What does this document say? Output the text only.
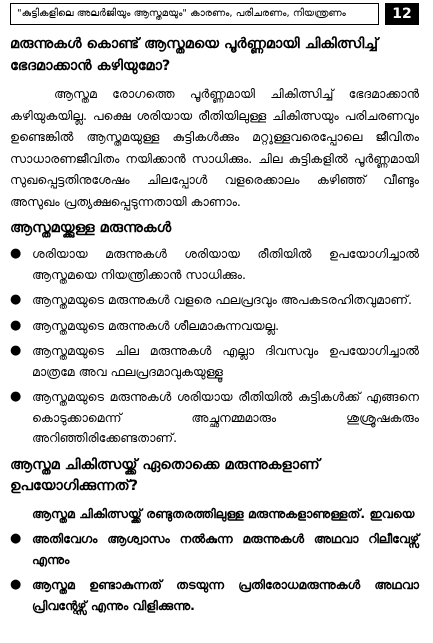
"കുട്ടികളിലെ അലർജിയും ആസ്തമയും" കാരണം, പരിചരണം, നിയന്ത്രണം	12
മരുന്നുകൾ കൊണ്ട് ആസ്തമയെ പൂർണ്ണമായി ചികിത്സിച്ച് ഭേദമാക്കാൻ കഴിയുമോ?

ആസ്തമ രോഗത്തെ പൂർണ്ണമായി ചികിത്സിച്ച് ഭേദമാക്കാൻ കഴിയുകയില്ല. പക്ഷെ ശരിയായ രീതിയിലുള്ള ചികിത്സയും പരിചരണവും ഉണ്ടെങ്കിൽ ആസ്തമയുള്ള കുട്ടികൾക്കും മറ്റുള്ളവരെപ്പോലെ ജീവിതം സാധാരണജീവിതം നയിക്കാൻ സാധിക്കും. ചില കുട്ടികളിൽ പൂർണ്ണമായി സുഖപ്പെട്ടതിനുശേഷം ചിലപ്പോൾ വളരെക്കാലം കഴിഞ്ഞ് വീണ്ടും അസുഖം പ്രത്യക്ഷപ്പെടുന്നതായി കാണാം.

ആസ്തമയ്ക്കുള്ള മരുന്നുകൾ
● ശരിയായ മരുന്നുകൾ ശരിയായ രീതിയിൽ ഉപയോഗിച്ചാൽ ആസ്തമയെ നിയന്ത്രിക്കാൻ സാധിക്കും.
● ആസ്തമയുടെ മരുന്നുകൾ വളരെ ഫലപ്രദവും അപകടരഹിതവുമാണ്.
● ആസ്തമയുടെ മരുന്നുകൾ ശീലമാകുന്നവയല്ല.
● ആസ്തമയുടെ ചില മരുന്നുകൾ എല്ലാ ദിവസവും ഉപയോഗിച്ചാൽ മാത്രമേ അവ ഫലപ്രദമാവുകയുള്ളൂ
● ആസ്തമയുടെ മരുന്നുകൾ ശരിയായ രീതിയിൽ കുട്ടികൾക്ക് എങ്ങനെ കൊടുക്കാമെന്ന് അച്ഛനമ്മമാരും ശുശ്രൂഷകരും അറിഞ്ഞിരിക്കേണ്ടതാണ്.
ആസ്തമ ചികിത്സയ്ക്ക് ഏതൊക്കെ മരുന്നുകളാണ് ഉപയോഗിക്കുന്നത്?

ആസ്തമ ചികിത്സയ്ക്ക് രണ്ടുതരത്തിലുള്ള മരുന്നുകളാണുള്ളത്. ഇവയെ

● അതിവേഗം ആശ്വാസം നൽകുന്ന മരുന്നുകൾ അഥവാ റിലീവേഴ്സ് എന്നും
● ആസ്തമ ഉണ്ടാകുന്നത് തടയുന്ന പ്രതിരോധമരുന്നുകൾ അഥവാ പ്രിവന്റേഴ്സ് എന്നും വിളിക്കുന്നു.
